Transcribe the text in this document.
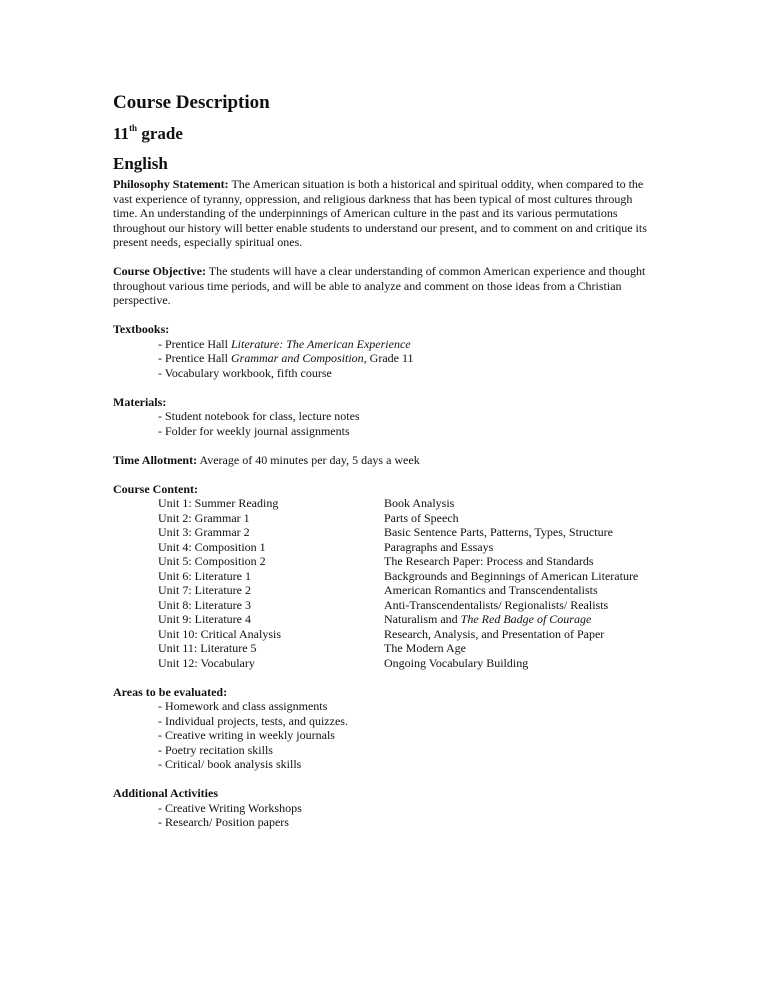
Course Description
11th grade
English

Philosophy Statement: The American situation is both a historical and spiritual oddity, when compared to the vast experience of tyranny, oppression, and religious darkness that has been typical of most cultures through time. An understanding of the underpinnings of American culture in the past and its various permutations throughout our history will better enable students to understand our present, and to comment on and critique its present needs, especially spiritual ones.

Course Objective: The students will have a clear understanding of common American experience and thought throughout various time periods, and will be able to analyze and comment on those ideas from a Christian perspective.

Textbooks:
- Prentice Hall Literature: The American Experience
- Prentice Hall Grammar and Composition, Grade 11
- Vocabulary workbook, fifth course
Materials:
- Student notebook for class, lecture notes
- Folder for weekly journal assignments

Time Allotment: Average of 40 minutes per day, 5 days a week

Course Content:
Unit 1: Summer Reading	Book Analysis
Unit 2: Grammar 1	Parts of Speech
Unit 3: Grammar 2	Basic Sentence Parts, Patterns, Types, Structure
Unit 4: Composition 1	Paragraphs and Essays
Unit 5: Composition 2	The Research Paper: Process and Standards
Unit 6: Literature 1	Backgrounds and Beginnings of American Literature
Unit 7: Literature 2	American Romantics and Transcendentalists
Unit 8: Literature 3	Anti-Transcendentalists/ Regionalists/ Realists
Unit 9: Literature 4	Naturalism and The Red Badge of Courage
Unit 10: Critical Analysis	Research, Analysis, and Presentation of Paper
Unit 11: Literature 5	The Modern Age
Unit 12: Vocabulary	Ongoing Vocabulary Building
Areas to be evaluated:
- Homework and class assignments
- Individual projects, tests, and quizzes.
- Creative writing in weekly journals
- Poetry recitation skills
- Critical/ book analysis skills
Additional Activities
- Creative Writing Workshops
- Research/ Position papers
